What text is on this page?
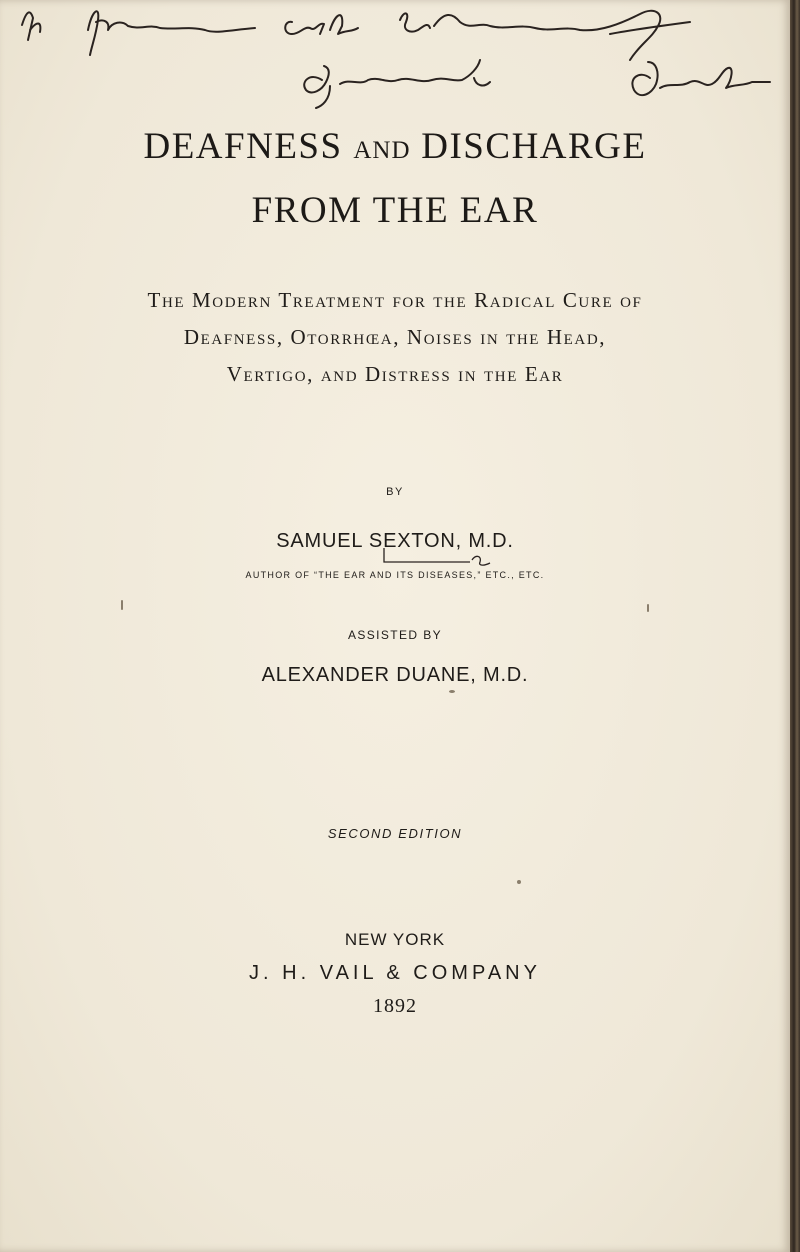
DEAFNESS AND DISCHARGE
FROM THE EAR
The Modern Treatment for the Radical Cure of
Deafness, Otorrhœa, Noises in the Head,
Vertigo, and Distress in the Ear
BY
SAMUEL SEXTON, M.D.
AUTHOR OF “THE EAR AND ITS DISEASES,” ETC., ETC.
ASSISTED BY
ALEXANDER DUANE, M.D.
SECOND EDITION
NEW YORK
J. H. VAIL & COMPANY
1892
